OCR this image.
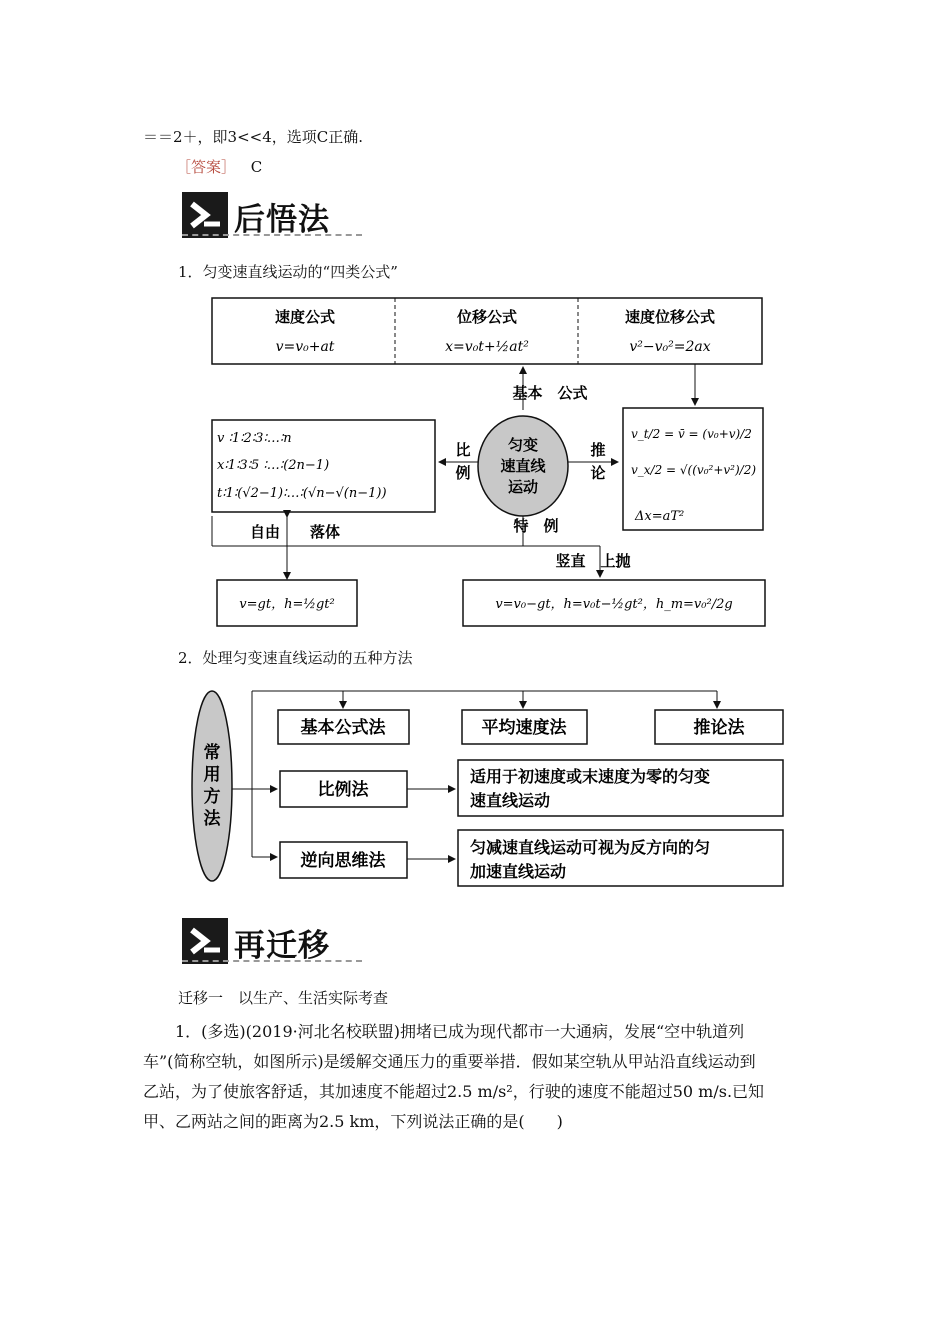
＝＝2＋，即3<<4，选项C正确.
［答案］ C
后悟法
1．匀变速直线运动的“四类公式”
速度公式
v=v₀+at
位移公式
x=v₀t+½at²
速度位移公式
v²−v₀²=2ax
基本　公式
匀变
速直线
运动
比
例
v ∶1∶2∶3∶…∶n
x∶1∶3∶5 ∶…∶(2n−1)
t∶1∶(√2−1)∶…∶(√n−√(n−1))
推
论
v_t/2 = v̄ = (v₀+v)/2
v_x/2 = √((v₀²+v²)/2)
Δx=aT²
特　例
自由　　落体
竖直　上抛
v=gt，h=½gt²	v=v₀−gt，h=v₀t−½gt²，h_m=v₀²/2g
2．处理匀变速直线运动的五种方法
常
用
方
法
基本公式法	平均速度法	推论法
比例法
适用于初速度或末速度为零的匀变
速直线运动
逆向思维法
匀减速直线运动可视为反方向的匀
加速直线运动
再迁移
迁移一　以生产、生活实际考查
　　1．(多选)(2019·河北名校联盟)拥堵已成为现代都市一大通病，发展“空中轨道列
车”(简称空轨，如图所示)是缓解交通压力的重要举措．假如某空轨从甲站沿直线运动到
乙站，为了使旅客舒适，其加速度不能超过2.5 m/s²，行驶的速度不能超过50 m/s.已知
甲、乙两站之间的距离为2.5 km，下列说法正确的是(　　)
